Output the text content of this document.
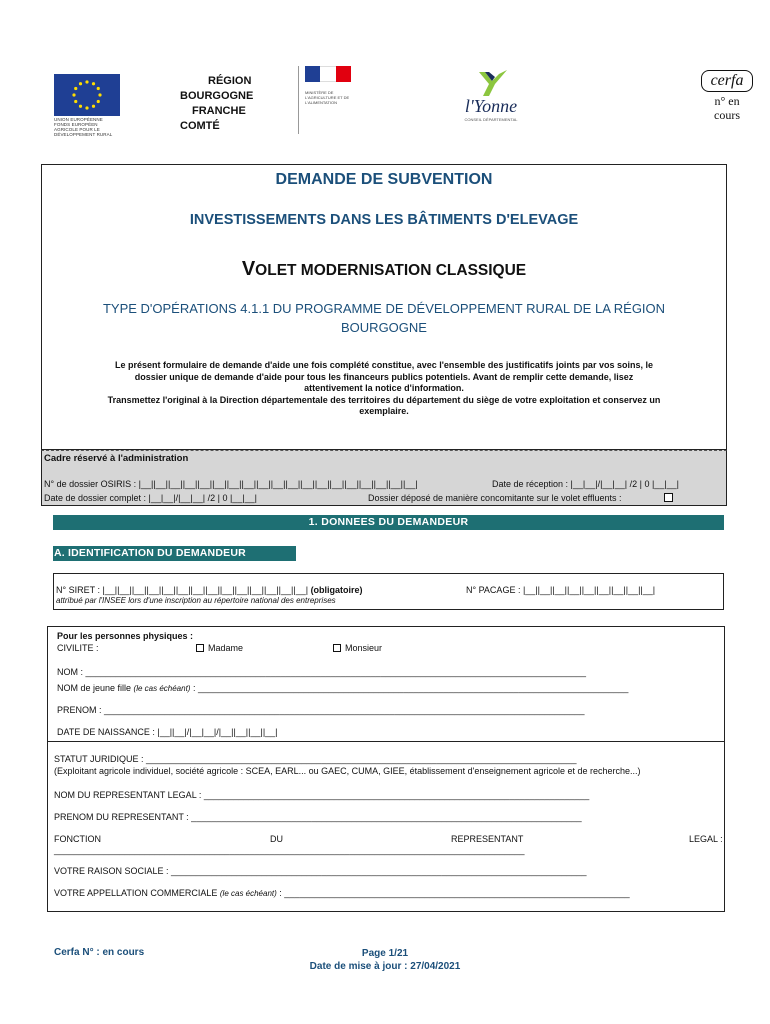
UNION EUROPÉENNE FONDS EUROPÉEN AGRICOLE POUR LE DÉVELOPPEMENT RURAL
RÉGION
BOURGOGNE
FRANCHE
COMTÉ
MINISTÈRE DE L'AGRICULTURE ET DE L'ALIMENTATION	l'Yonne
CONSEIL DÉPARTEMENTAL
cerfa
n° en
cours
DEMANDE DE SUBVENTION
INVESTISSEMENTS DANS LES BÂTIMENTS D'ELEVAGE
VOLET MODERNISATION CLASSIQUE
TYPE D'OPÉRATIONS 4.1.1 DU PROGRAMME DE DÉVELOPPEMENT RURAL DE LA RÉGION
BOURGOGNE
Le présent formulaire de demande d'aide une fois complété constitue, avec l'ensemble des justificatifs joints par vos soins, le
dossier unique de demande d'aide pour tous les financeurs publics potentiels. Avant de remplir cette demande, lisez
attentivement la notice d'information.
Transmettez l'original à la Direction départementale des territoires du département du siège de votre exploitation et conservez un
exemplaire.
Cadre réservé à l'administration
N° de dossier OSIRIS : |__||__||__||__||__||__||__||__||__||__||__||__||__||__||__||__||__||__||__|	Date de réception : |__|__|/|__|__| /2 | 0 |__|__|
Date de dossier complet : |__|__|/|__|__| /2 | 0 |__|__|	Dossier déposé de manière concomitante sur le volet effluents :
1. DONNEES DU DEMANDEUR
A. IDENTIFICATION DU DEMANDEUR
N° SIRET : |__||__||__||__||__||__||__||__||__||__||__||__||__||__| (obligatoire)
attribué par l'INSEE lors d'une inscription au répertoire national des entreprises
N° PACAGE : |__||__||__||__||__||__||__||__||__|
Pour les personnes physiques :
CIVILITE :	Madame	Monsieur
NOM : ____________________________________________________________________________________________________
NOM de jeune fille (le cas échéant) : ______________________________________________________________________________________
PRENOM : ________________________________________________________________________________________________
DATE DE NAISSANCE : |__||__|/|__|__|/|__||__||__||__|
STATUT JURIDIQUE : ______________________________________________________________________________________
(Exploitant agricole individuel, société agricole : SCEA, EARL... ou GAEC, CUMA, GIEE, établissement d'enseignement agricole et de recherche...)
NOM DU REPRESENTANT LEGAL : _____________________________________________________________________________
PRENOM DU REPRESENTANT : ______________________________________________________________________________
FONCTION	DU	REPRESENTANT	LEGAL :
______________________________________________________________________________________________
VOTRE RAISON SOCIALE : ___________________________________________________________________________________
VOTRE APPELLATION COMMERCIALE (le cas échéant) : _____________________________________________________________________
Cerfa N° : en cours	Page 1/21
Date de mise à jour : 27/04/2021
